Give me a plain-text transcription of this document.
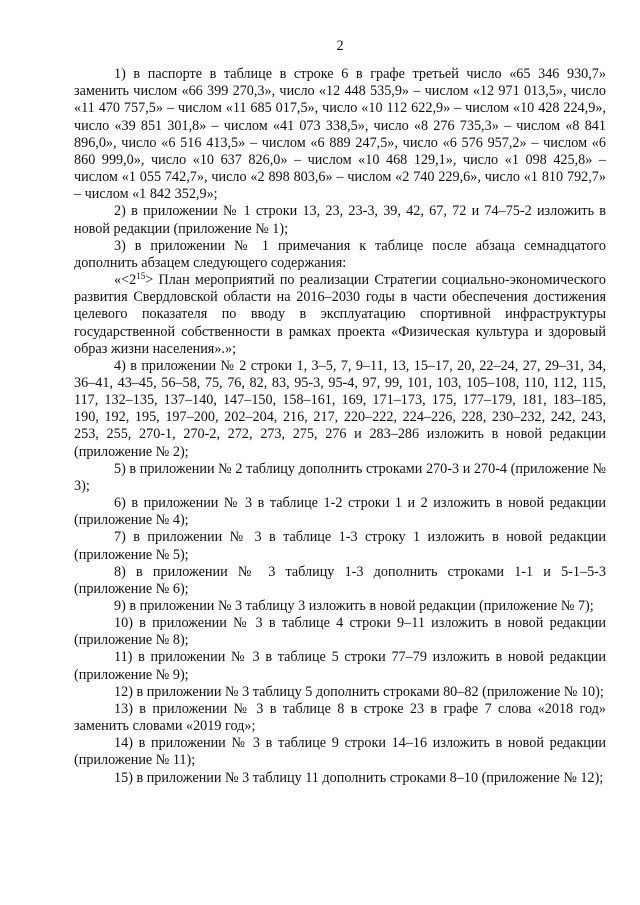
2

1) в паспорте в таблице в строке 6 в графе третьей число «65 346 930,7» заменить числом «66 399 270,3», число «12 448 535,9» – числом «12 971 013,5», число «11 470 757,5» – числом «11 685 017,5», число «10 112 622,9» – числом «10 428 224,9», число «39 851 301,8» – числом «41 073 338,5», число «8 276 735,3» – числом «8 841 896,0», число «6 516 413,5» – числом «6 889 247,5», число «6 576 957,2» – числом «6 860 999,0», число «10 637 826,0» – числом «10 468 129,1», число «1 098 425,8» – числом «1 055 742,7», число «2 898 803,6» – числом «2 740 229,6», число «1 810 792,7» – числом «1 842 352,9»;

2) в приложении № 1 строки 13, 23, 23-3, 39, 42, 67, 72 и 74–75-2 изложить в новой редакции (приложение № 1);

3) в приложении № 1 примечания к таблице после абзаца семнадцатого дополнить абзацем следующего содержания:

«$<2^{15}>$ План мероприятий по реализации Стратегии социально-экономического развития Свердловской области на 2016–2030 годы в части обеспечения достижения целевого показателя по вводу в эксплуатацию спортивной инфраструктуры государственной собственности в рамках проекта «Физическая культура и здоровый образ жизни населения».»;

4) в приложении № 2 строки 1, 3–5, 7, 9–11, 13, 15–17, 20, 22–24, 27, 29–31, 34, 36–41, 43–45, 56–58, 75, 76, 82, 83, 95-3, 95-4, 97, 99, 101, 103, 105–108, 110, 112, 115, 117, 132–135, 137–140, 147–150, 158–161, 169, 171–173, 175, 177–179, 181, 183–185, 190, 192, 195, 197–200, 202–204, 216, 217, 220–222, 224–226, 228, 230–232, 242, 243, 253, 255, 270-1, 270-2, 272, 273, 275, 276 и 283–286 изложить в новой редакции (приложение № 2);

5) в приложении № 2 таблицу дополнить строками 270-3 и 270-4 (приложение № 3);

6) в приложении № 3 в таблице 1-2 строки 1 и 2 изложить в новой редакции (приложение № 4);

7) в приложении № 3 в таблице 1-3 строку 1 изложить в новой редакции (приложение № 5);

8) в приложении № 3 таблицу 1-3 дополнить строками 1-1 и 5-1–5-3 (приложение № 6);

9) в приложении № 3 таблицу 3 изложить в новой редакции (приложение № 7);

10) в приложении № 3 в таблице 4 строки 9–11 изложить в новой редакции (приложение № 8);

11) в приложении № 3 в таблице 5 строки 77–79 изложить в новой редакции (приложение № 9);

12) в приложении № 3 таблицу 5 дополнить строками 80–82 (приложение № 10);

13) в приложении № 3 в таблице 8 в строке 23 в графе 7 слова «2018 год» заменить словами «2019 год»;

14) в приложении № 3 в таблице 9 строки 14–16 изложить в новой редакции (приложение № 11);

15) в приложении № 3 таблицу 11 дополнить строками 8–10 (приложение № 12);
